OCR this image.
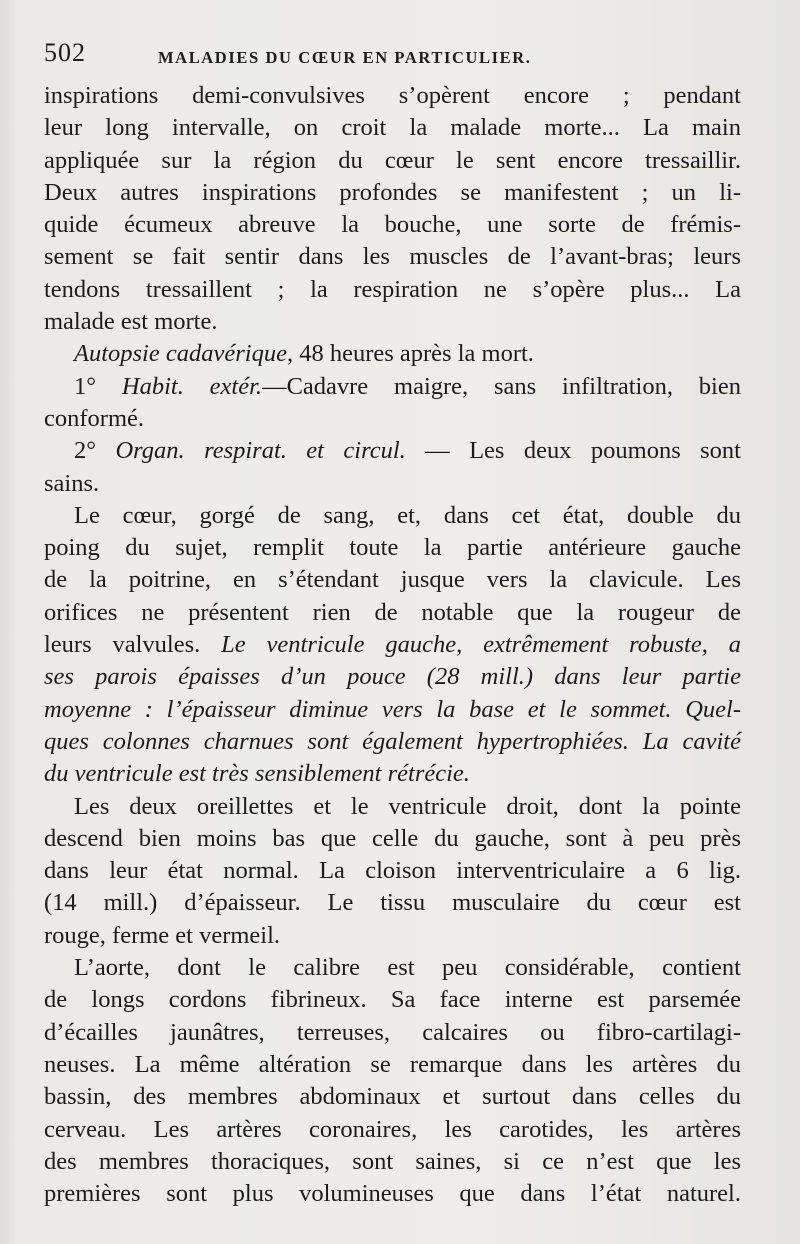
502	MALADIES DU CŒUR EN PARTICULIER.
inspirations demi-convulsives s’opèrent encore ; pendant
leur long intervalle, on croit la malade morte... La main
appliquée sur la région du cœur le sent encore tressaillir.
Deux autres inspirations profondes se manifestent ; un li-
quide écumeux abreuve la bouche, une sorte de frémis-
sement se fait sentir dans les muscles de l’avant-bras; leurs
tendons tressaillent ; la respiration ne s’opère plus... La
malade est morte.
Autopsie cadavérique, 48 heures après la mort.
1° Habit. extér.—Cadavre maigre, sans infiltration, bien
conformé.
2° Organ. respirat. et circul. — Les deux poumons sont
sains.
Le cœur, gorgé de sang, et, dans cet état, double du
poing du sujet, remplit toute la partie antérieure gauche
de la poitrine, en s’étendant jusque vers la clavicule. Les
orifices ne présentent rien de notable que la rougeur de
leurs valvules. Le ventricule gauche, extrêmement robuste, a
ses parois épaisses d’un pouce (28 mill.) dans leur partie
moyenne : l’épaisseur diminue vers la base et le sommet. Quel-
ques colonnes charnues sont également hypertrophiées. La cavité
du ventricule est très sensiblement rétrécie.
Les deux oreillettes et le ventricule droit, dont la pointe
descend bien moins bas que celle du gauche, sont à peu près
dans leur état normal. La cloison interventriculaire a 6 lig.
(14 mill.) d’épaisseur. Le tissu musculaire du cœur est
rouge, ferme et vermeil.
L’aorte, dont le calibre est peu considérable, contient
de longs cordons fibrineux. Sa face interne est parsemée
d’écailles jaunâtres, terreuses, calcaires ou fibro-cartilagi-
neuses. La même altération se remarque dans les artères du
bassin, des membres abdominaux et surtout dans celles du
cerveau. Les artères coronaires, les carotides, les artères
des membres thoraciques, sont saines, si ce n’est que les
premières sont plus volumineuses que dans l’état naturel.
